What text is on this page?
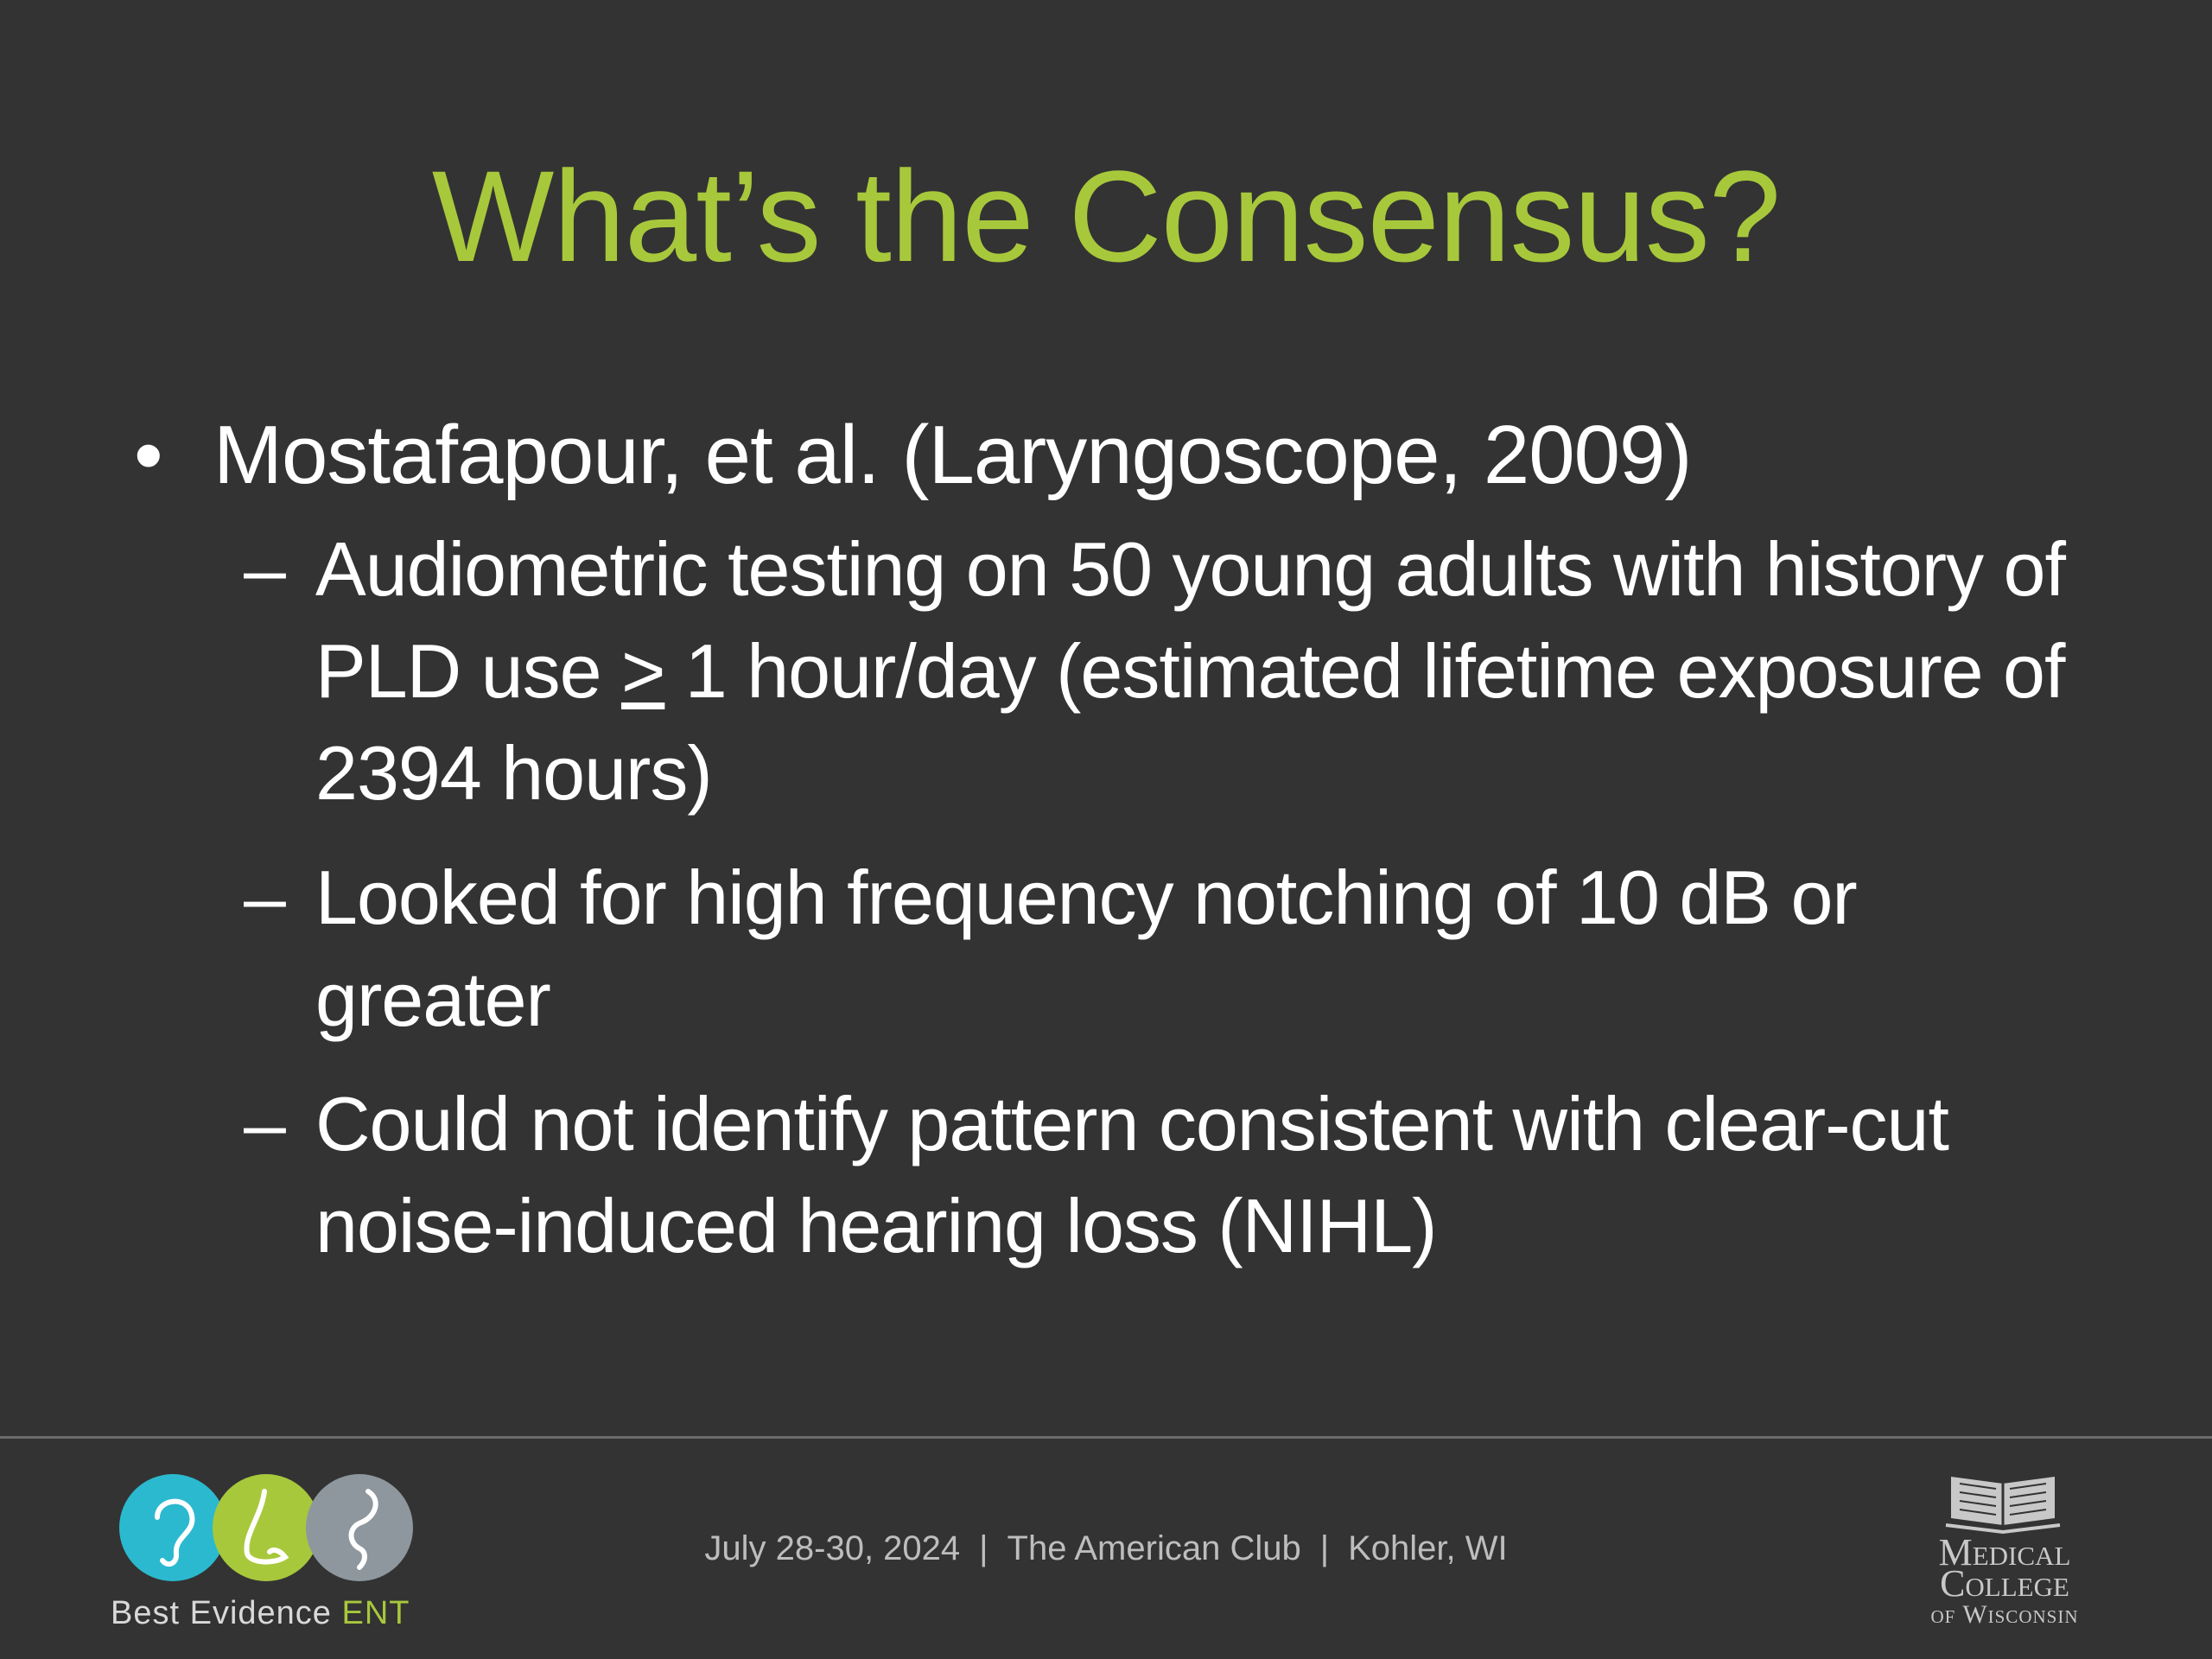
What’s the Consensus?
• Mostafapour, et al. (Laryngoscope, 2009)
– Audiometric testing on 50 young adults with history of PLD use ≥ 1 hour/day (estimated lifetime exposure of 2394 hours)
– Looked for high frequency notching of 10 dB or greater
– Could not identify pattern consistent with clear-cut noise-induced hearing loss (NIHL)
Best Evidence ENT
July 28-30, 2024 | The American Club | Kohler, WI	Medical
College
of Wisconsin
